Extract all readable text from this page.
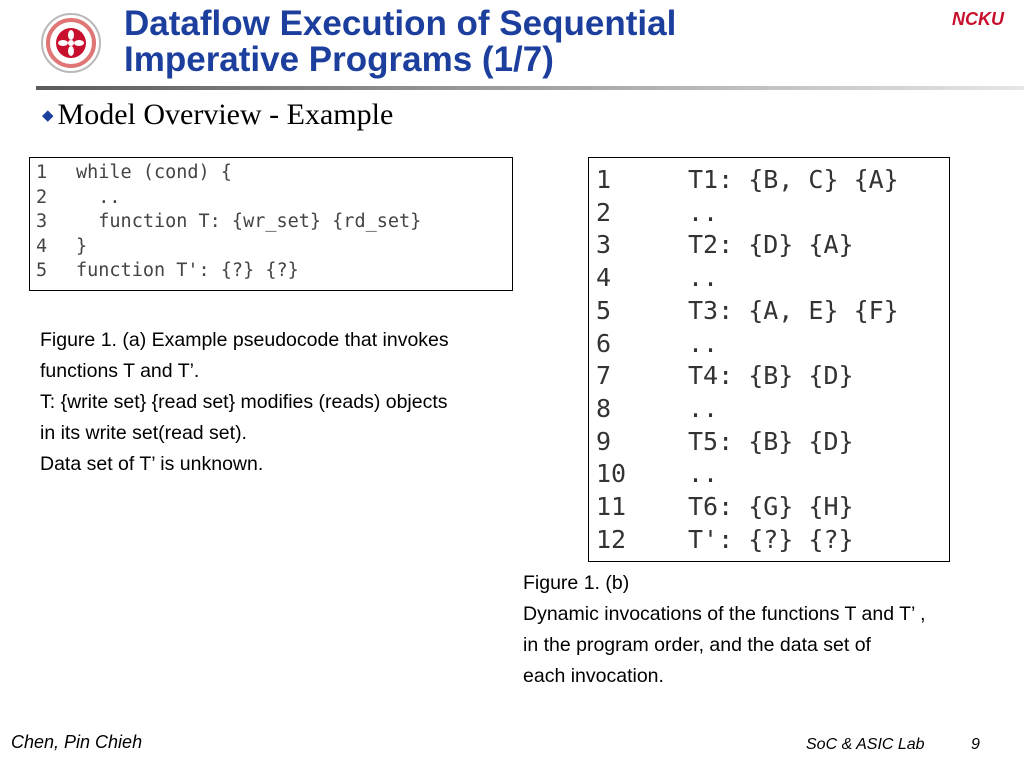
Dataflow Execution of Sequential
Imperative Programs (1/7)
NCKU
◆ Model Overview - Example
1	while (cond) {
2	..
3	function T: {wr_set} {rd_set}
4	}
5	function T': {?} {?}
Figure 1. (a) Example pseudocode that invokes
functions T and T’.
T: {write set} {read set} modifies (reads) objects
in its write set(read set).
Data set of T’ is unknown.
1	T1: {B, C} {A}
2	..
3	T2: {D} {A}
4	..
5	T3: {A, E} {F}
6	..
7	T4: {B} {D}
8	..
9	T5: {B} {D}
10	..
11	T6: {G} {H}
12	T': {?} {?}
Figure 1. (b)
Dynamic invocations of the functions T and T’ ,
in the program order, and the data set of
each invocation.
Chen, Pin Chieh	SoC & ASIC Lab	9
